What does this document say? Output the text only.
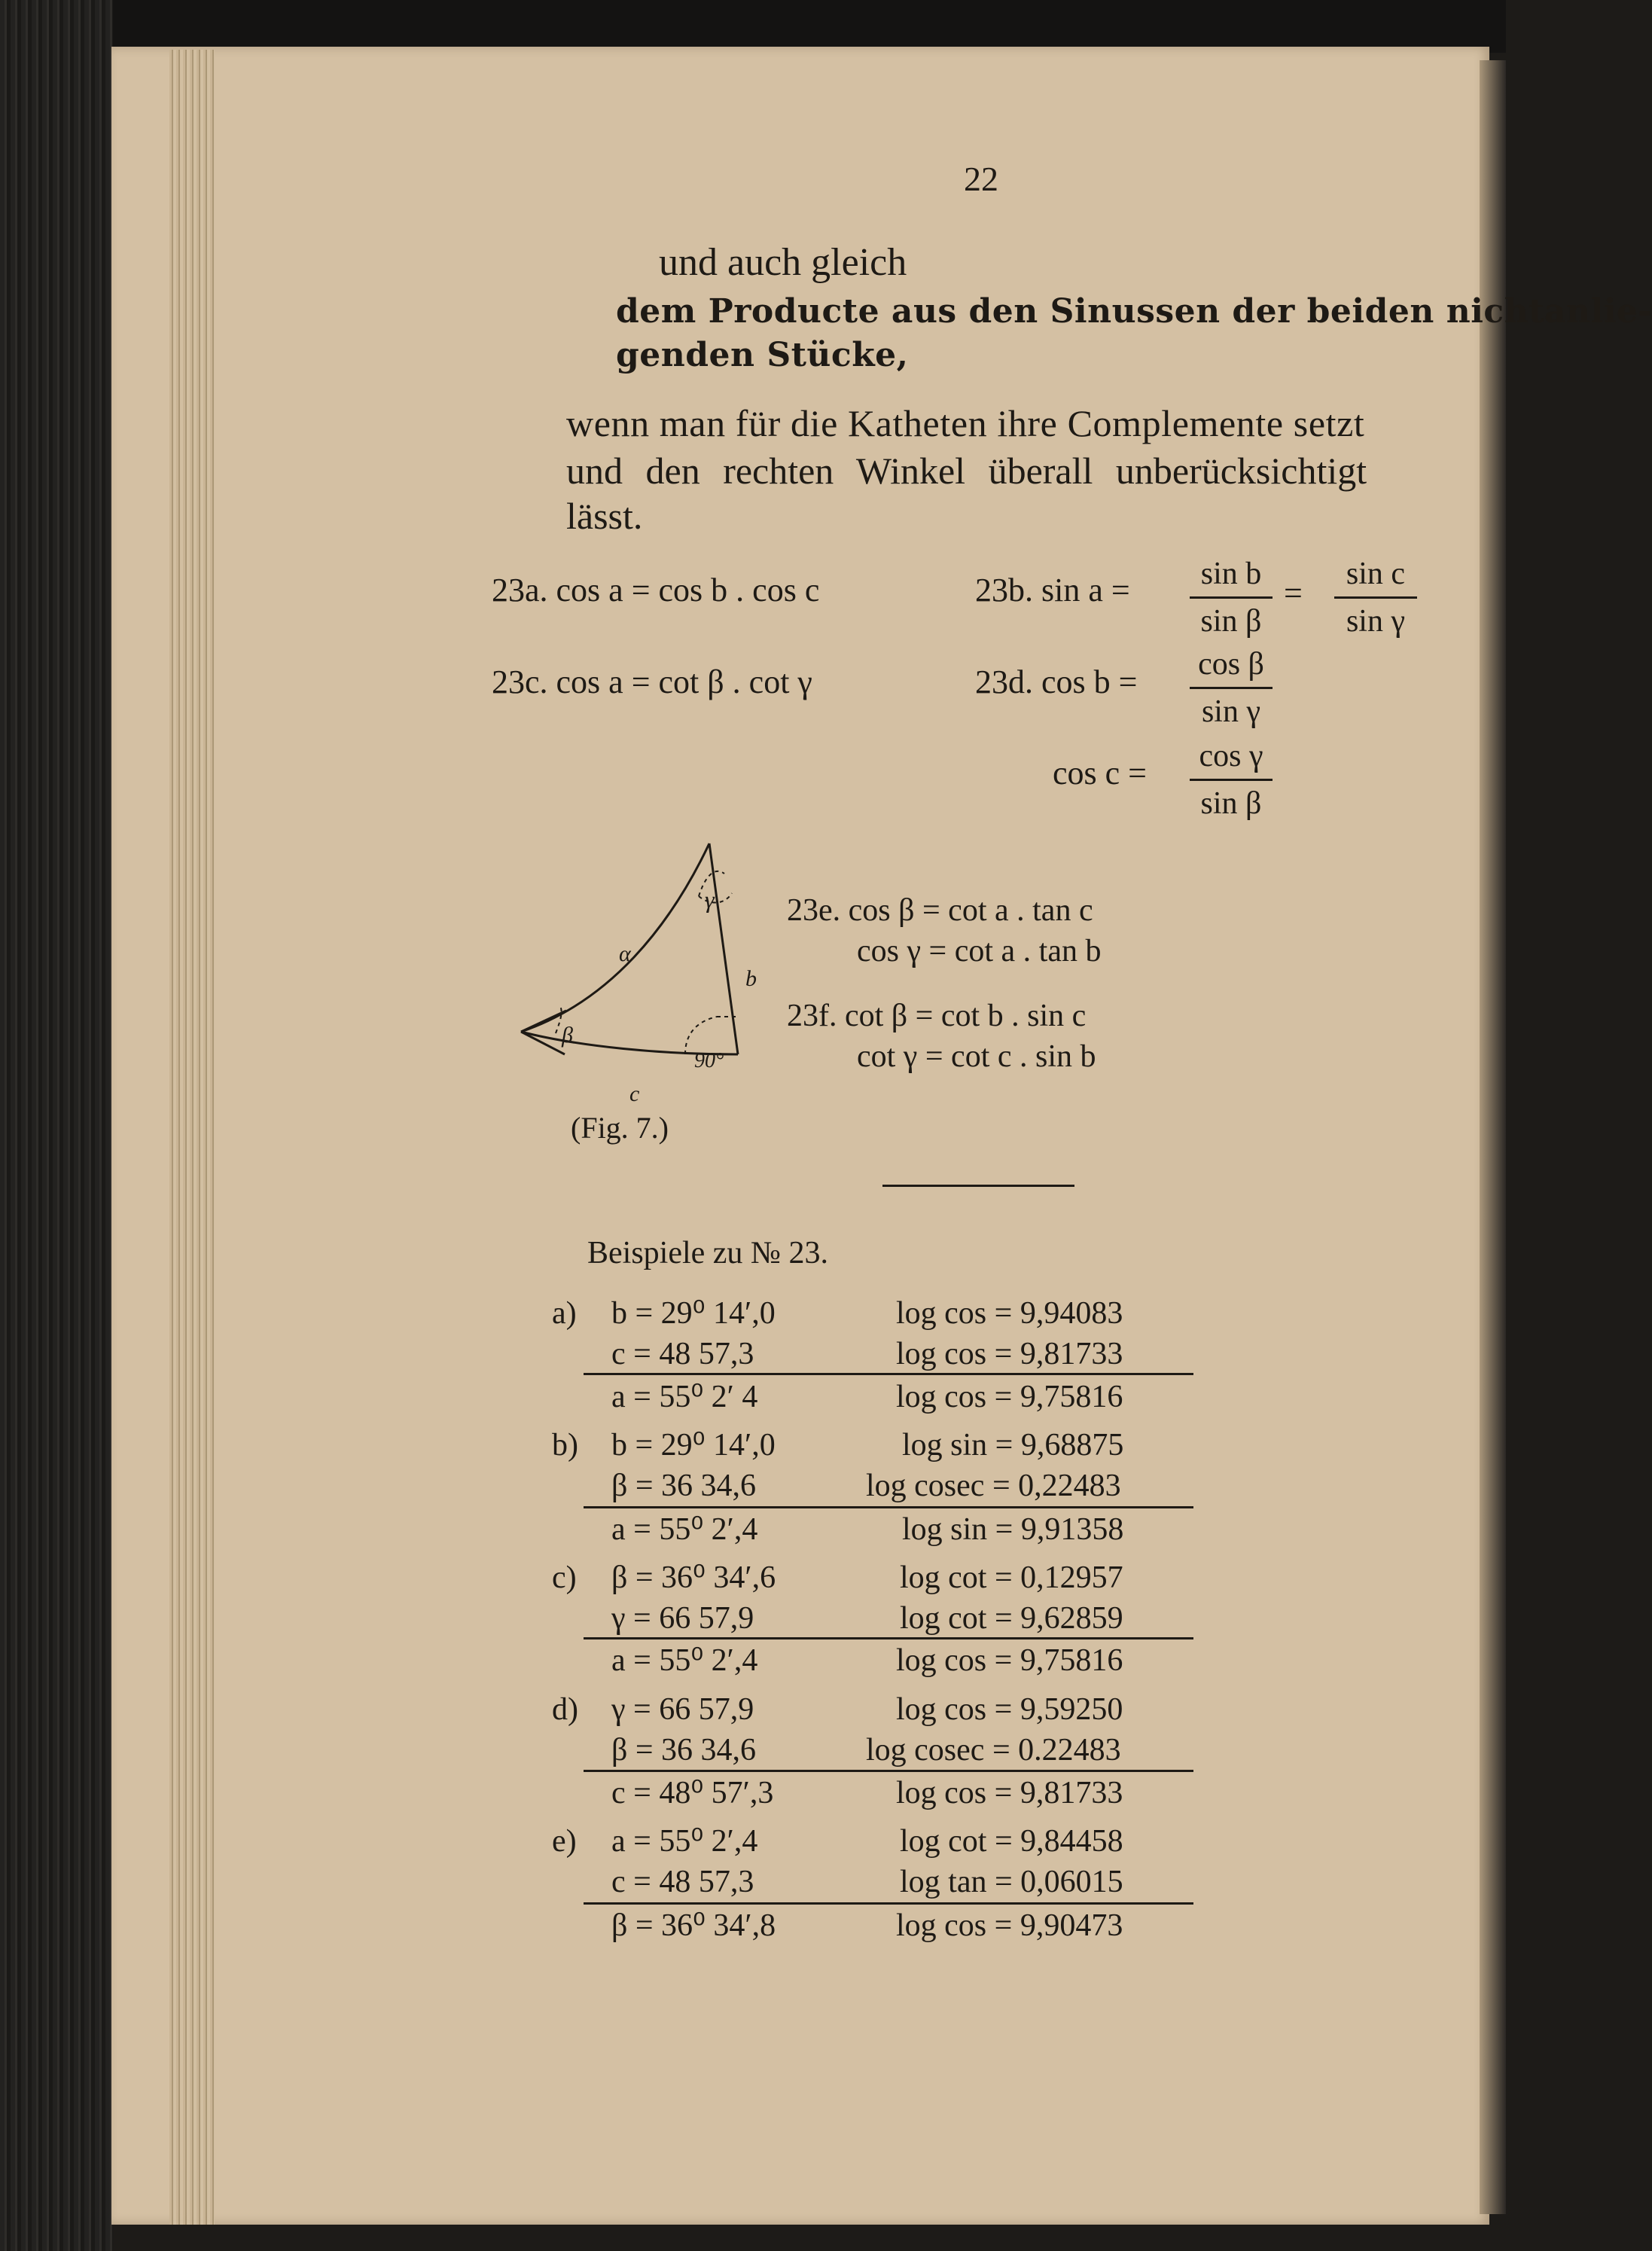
22
und auch gleich
dem Producte aus den Sinussen der beiden nichtanlie-
genden Stücke,
wenn man für die Katheten ihre Complemente setzt
und den rechten Winkel überall unberücksichtigt
lässt.
23a. cos a = cos b . cos c	23b. $\sin a = \frac{\text{sin b}}{\text{sin β}} = \frac{\text{sin c}}{\text{sin γ}}$
23c. cos a = cot β . cot γ	23d. $\cos b = \frac{\text{cos β}}{\text{sin γ}}$
$\cos c = \frac{\text{cos γ}}{\text{sin β}}$
γ
α
β
b
90°
c
(Fig. 7.)
23e. cos β = cot a . tan c
cos γ = cot a . tan b
23f. cot β = cot b . sin c
cot γ = cot c . sin b
Beispiele zu № 23.
a) b = 29⁰ 14′,0	log cos = 9,94083
c = 48 57,3	log cos = 9,81733
a = 55⁰ 2′ 4	log cos = 9,75816
b) b = 29⁰ 14′,0	log sin = 9,68875
β = 36 34,6	log cosec = 0,22483
a = 55⁰ 2′,4	log sin = 9,91358
c) β = 36⁰ 34′,6	log cot = 0,12957
γ = 66 57,9	log cot = 9,62859
a = 55⁰ 2′,4	log cos = 9,75816
d) γ = 66 57,9	log cos = 9,59250
β = 36 34,6	log cosec = 0.22483
c = 48⁰ 57′,3	log cos = 9,81733
e) a = 55⁰ 2′,4	log cot = 9,84458
c = 48 57,3	log tan = 0,06015
β = 36⁰ 34′,8	log cos = 9,90473
